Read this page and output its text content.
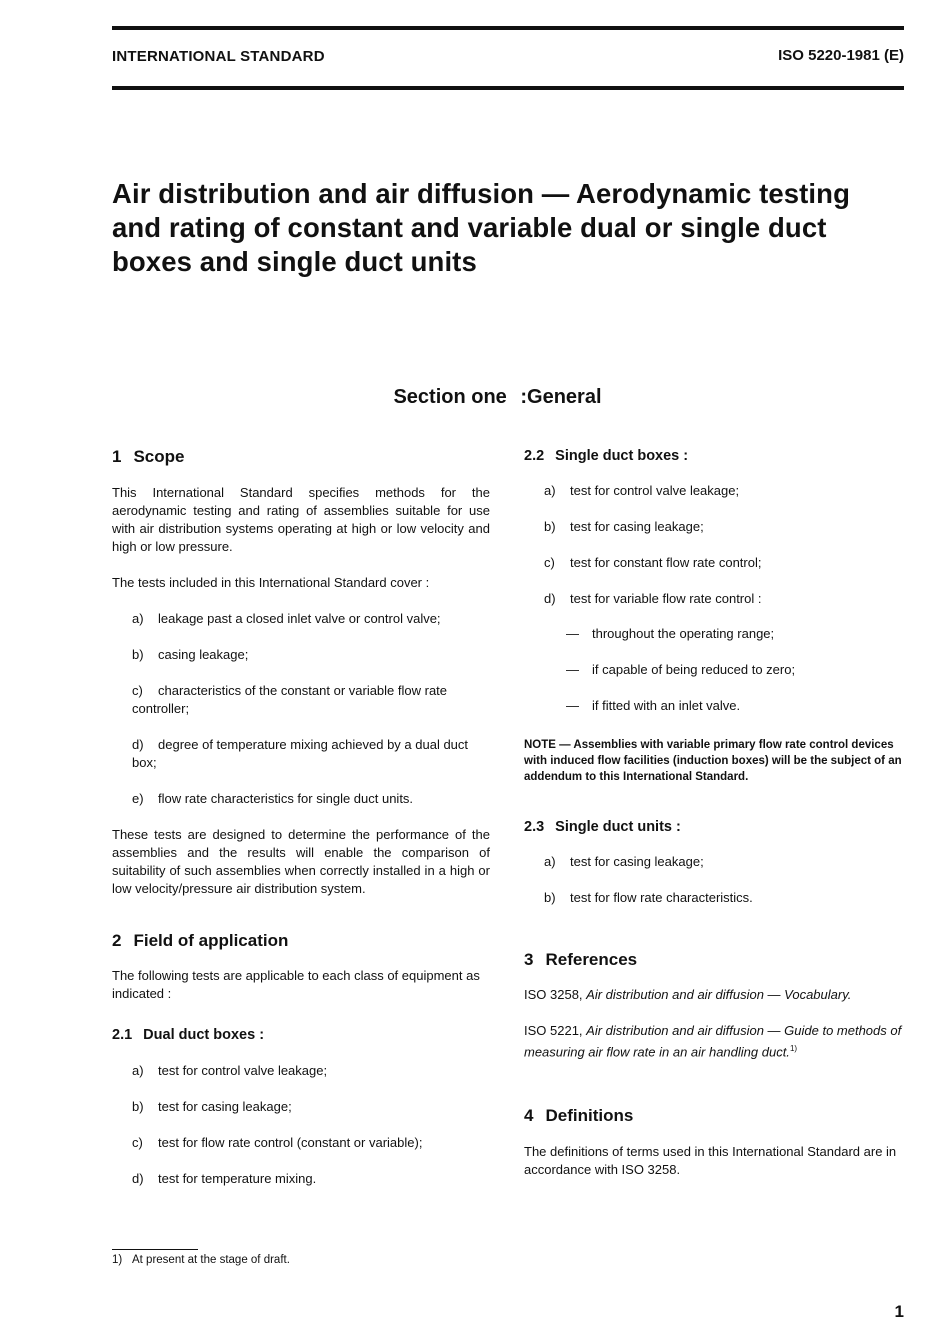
INTERNATIONAL STANDARD	ISO 5220-1981 (E)
Air distribution and air diffusion — Aerodynamic testing
and rating of constant and variable dual or single duct
boxes and single duct units
Section one :General
1 Scope

This International Standard specifies methods for the aerodynamic testing and rating of assemblies suitable for use with air distribution systems operating at high or low velocity and high or low pressure.

The tests included in this International Standard cover :

a) leakage past a closed inlet valve or control valve;
b) casing leakage;
c) characteristics of the constant or variable flow rate controller;
d) degree of temperature mixing achieved by a dual duct box;
e) flow rate characteristics for single duct units.

These tests are designed to determine the performance of the assemblies and the results will enable the comparison of suitability of such assemblies when correctly installed in a high or low velocity/pressure air distribution system.

2 Field of application

The following tests are applicable to each class of equipment as indicated :

2.1 Dual duct boxes :
a) test for control valve leakage;
b) test for casing leakage;
c) test for flow rate control (constant or variable);
d) test for temperature mixing.
2.2 Single duct boxes :
a) test for control valve leakage;
b) test for casing leakage;
c) test for constant flow rate control;
d) test for variable flow rate control :
— throughout the operating range;
— if capable of being reduced to zero;
— if fitted with an inlet valve.

NOTE — Assemblies with variable primary flow rate control devices with induced flow facilities (induction boxes) will be the subject of an addendum to this International Standard.

2.3 Single duct units :
a) test for casing leakage;
b) test for flow rate characteristics.
3 References

ISO 3258, Air distribution and air diffusion — Vocabulary.

ISO 5221, Air distribution and air diffusion — Guide to methods of measuring air flow rate in an air handling duct.$^{1)}$

4 Definitions

The definitions of terms used in this International Standard are in accordance with ISO 3258.

1) At present at the stage of draft.
1
